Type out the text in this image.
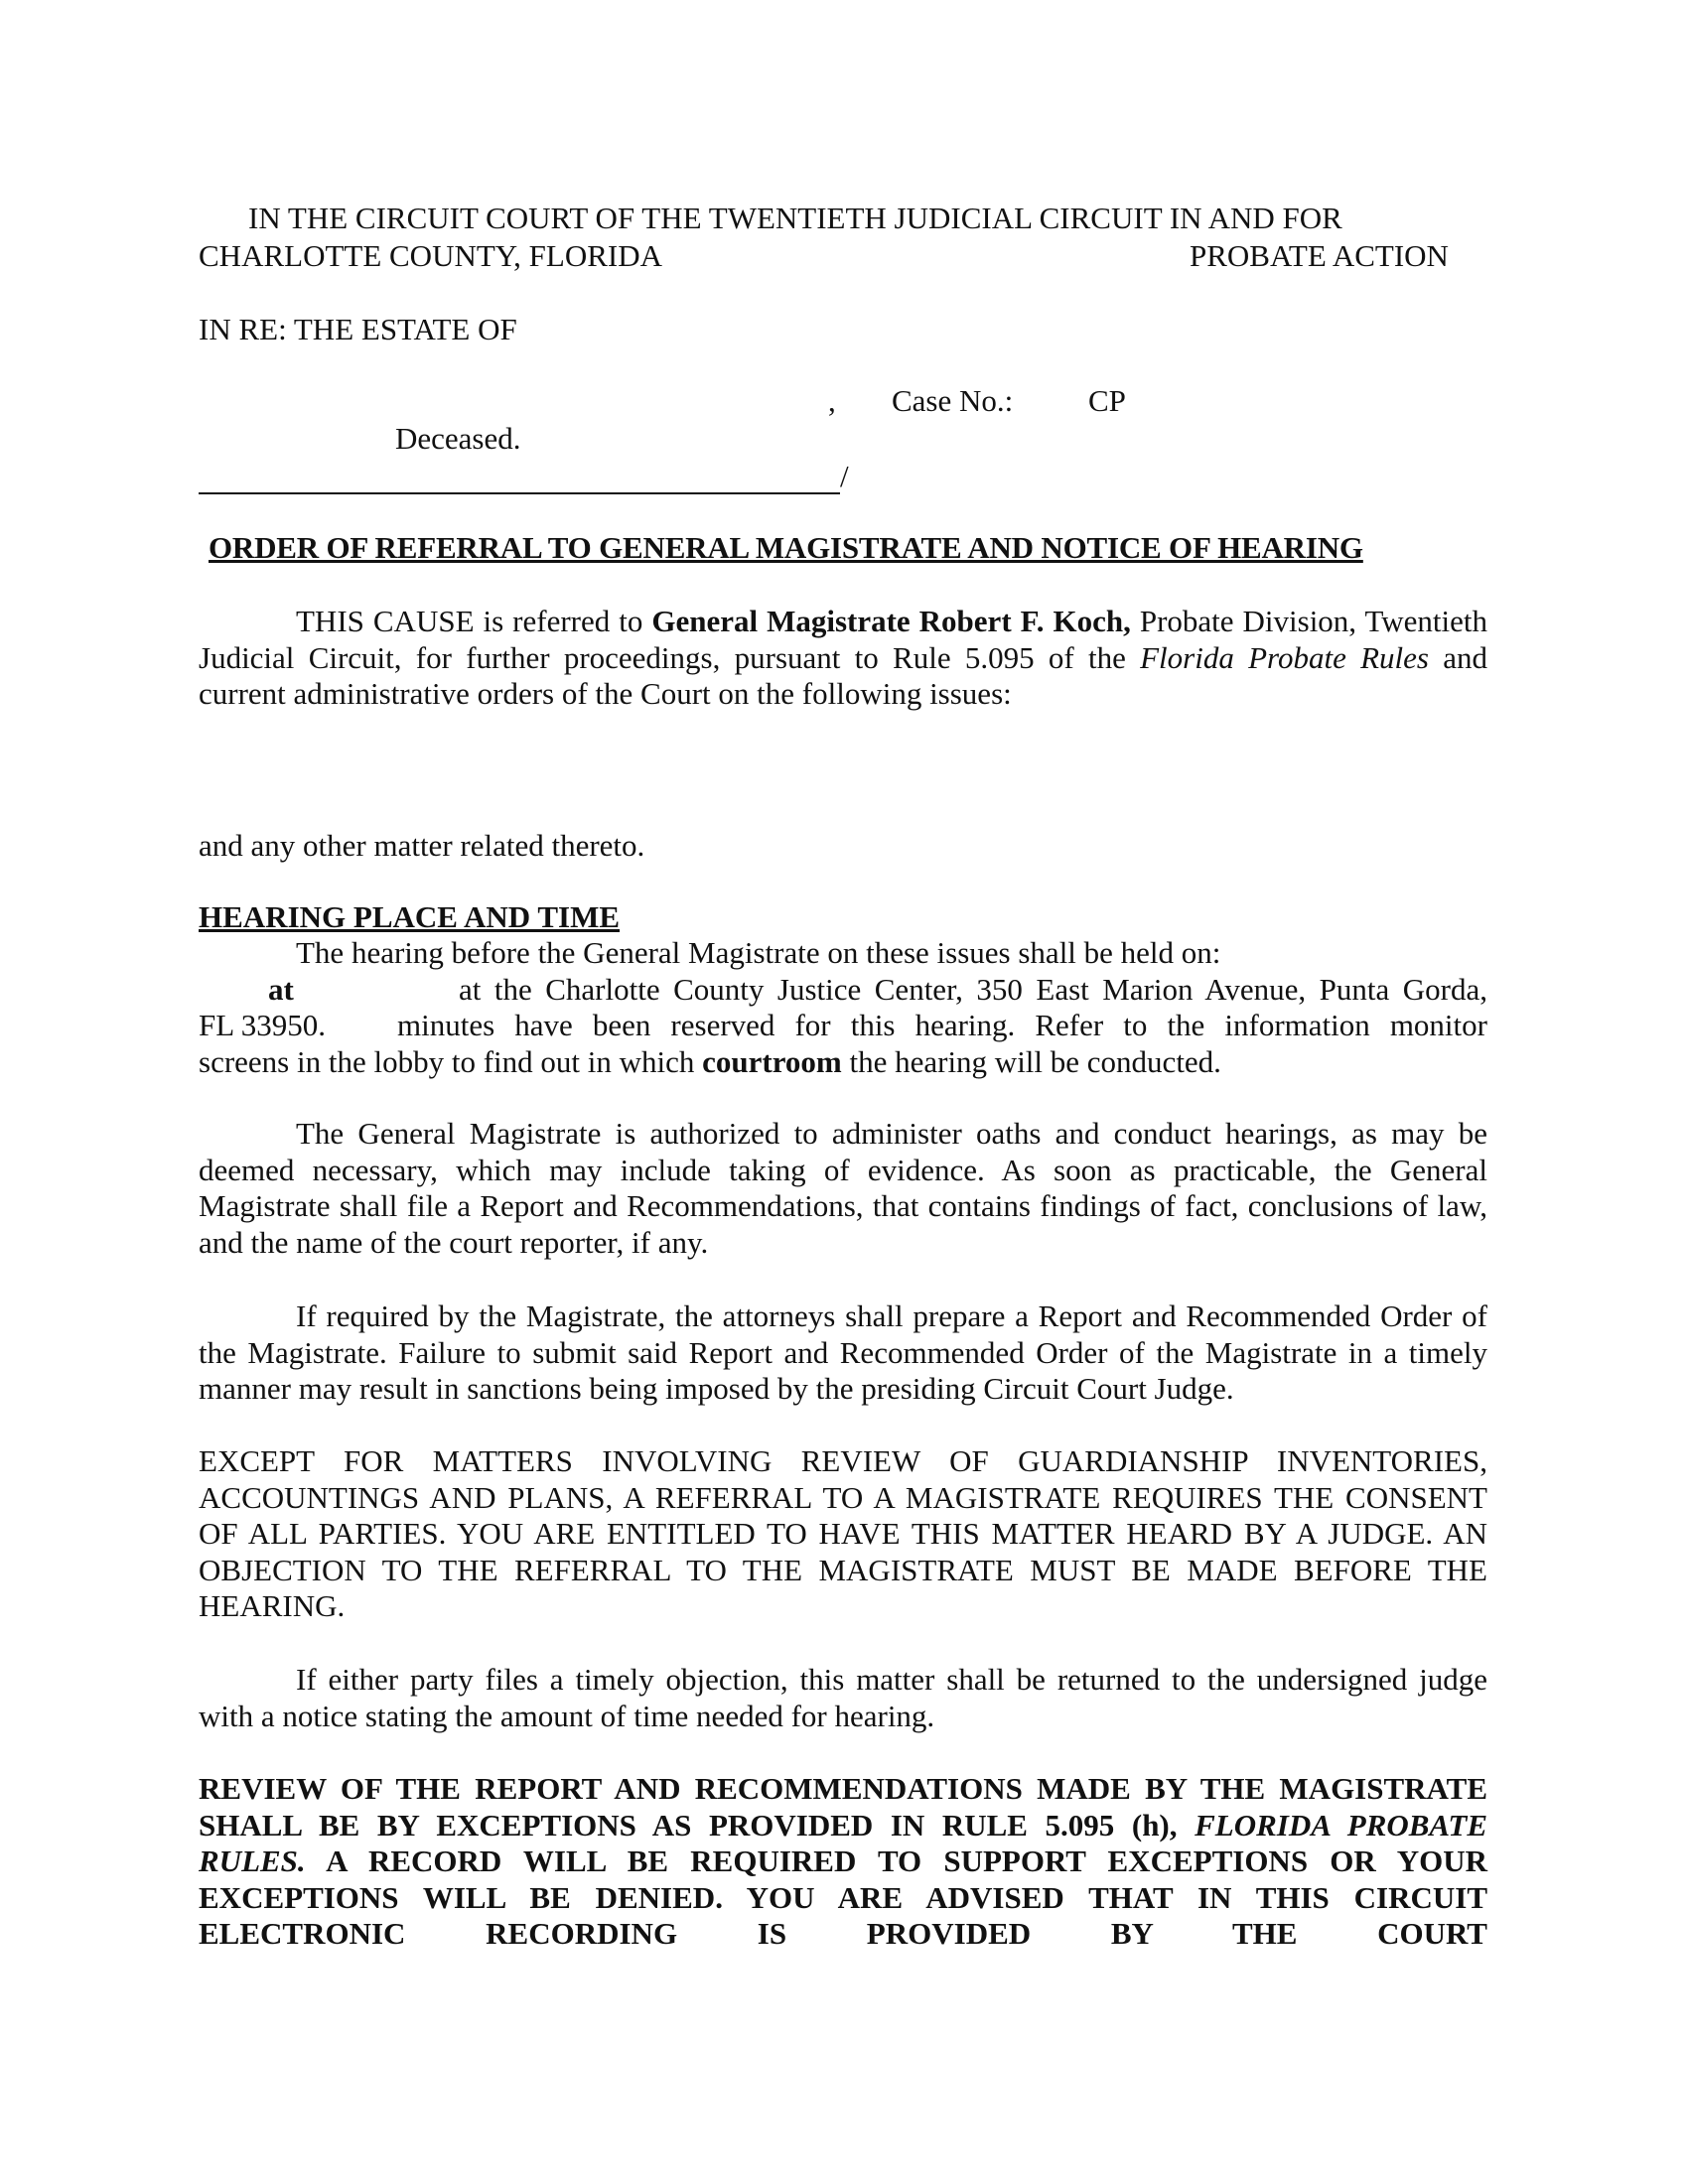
IN THE CIRCUIT COURT OF THE TWENTIETH JUDICIAL CIRCUIT IN AND FOR
CHARLOTTE COUNTY, FLORIDA	PROBATE ACTION
IN RE: THE ESTATE OF
, Case No.: CP
Deceased.
/
ORDER OF REFERRAL TO GENERAL MAGISTRATE AND NOTICE OF HEARING
THIS CAUSE is referred to General Magistrate Robert F. Koch, Probate Division, Twentieth Judicial Circuit, for further proceedings, pursuant to Rule 5.095 of the Florida Probate Rules and current administrative orders of the Court on the following issues:
and any other matter related thereto.
HEARING PLACE AND TIME
The hearing before the General Magistrate on these issues shall be held on:
at	at the Charlotte County Justice Center, 350 East Marion Avenue, Punta Gorda,
FL 33950. minutes have been reserved for this hearing. Refer to the information monitor
screens in the lobby to find out in which courtroom the hearing will be conducted.
The General Magistrate is authorized to administer oaths and conduct hearings, as may be deemed necessary, which may include taking of evidence. As soon as practicable, the General Magistrate shall file a Report and Recommendations, that contains findings of fact, conclusions of law, and the name of the court reporter, if any.
If required by the Magistrate, the attorneys shall prepare a Report and Recommended Order of the Magistrate. Failure to submit said Report and Recommended Order of the Magistrate in a timely manner may result in sanctions being imposed by the presiding Circuit Court Judge.
EXCEPT FOR MATTERS INVOLVING REVIEW OF GUARDIANSHIP INVENTORIES, ACCOUNTINGS AND PLANS, A REFERRAL TO A MAGISTRATE REQUIRES THE CONSENT OF ALL PARTIES. YOU ARE ENTITLED TO HAVE THIS MATTER HEARD BY A JUDGE. AN OBJECTION TO THE REFERRAL TO THE MAGISTRATE MUST BE MADE BEFORE THE HEARING.
If either party files a timely objection, this matter shall be returned to the undersigned judge with a notice stating the amount of time needed for hearing.
REVIEW OF THE REPORT AND RECOMMENDATIONS MADE BY THE MAGISTRATE SHALL BE BY EXCEPTIONS AS PROVIDED IN RULE 5.095 (h), FLORIDA PROBATE RULES. A RECORD WILL BE REQUIRED TO SUPPORT EXCEPTIONS OR YOUR EXCEPTIONS WILL BE DENIED. YOU ARE ADVISED THAT IN THIS CIRCUIT ELECTRONIC RECORDING IS PROVIDED BY THE COURT
